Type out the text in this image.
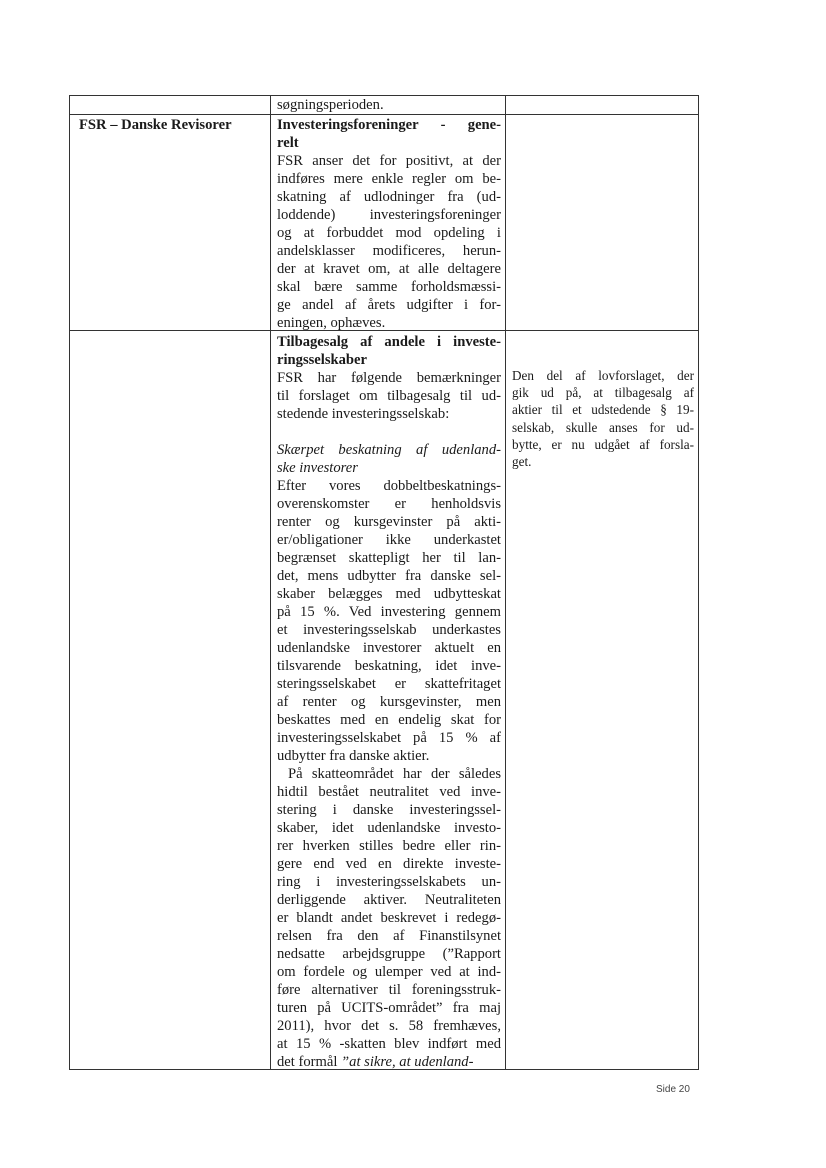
søgningsperioden.
FSR – Danske Revisorer	Investeringsforeninger - gene-
relt
FSR anser det for positivt, at der
indføres mere enkle regler om be-
skatning af udlodninger fra (ud-
loddende) investeringsforeninger
og at forbuddet mod opdeling i
andelsklasser modificeres, herun-
der at kravet om, at alle deltagere
skal bære samme forholdsmæssi-
ge andel af årets udgifter i for-
eningen, ophæves.
Tilbagesalg af andele i investe-
ringsselskaber
FSR har følgende bemærkninger
til forslaget om tilbagesalg til ud-
stedende investeringsselskab:

Skærpet beskatning af udenland-
ske investorer
Efter vores dobbeltbeskatnings-
overenskomster er henholdsvis
renter og kursgevinster på akti-
er/obligationer ikke underkastet
begrænset skattepligt her til lan-
det, mens udbytter fra danske sel-
skaber belægges med udbytteskat
på 15 %. Ved investering gennem
et investeringsselskab underkastes
udenlandske investorer aktuelt en
tilsvarende beskatning, idet inve-
steringsselskabet er skattefritaget
af renter og kursgevinster, men
beskattes med en endelig skat for
investeringsselskabet på 15 % af
udbytter fra danske aktier.
På skatteområdet har der således
hidtil bestået neutralitet ved inve-
stering i danske investeringssel-
skaber, idet udenlandske investo-
rer hverken stilles bedre eller rin-
gere end ved en direkte investe-
ring i investeringsselskabets un-
derliggende aktiver. Neutraliteten
er blandt andet beskrevet i redegø-
relsen fra den af Finanstilsynet
nedsatte arbejdsgruppe (”Rapport
om fordele og ulemper ved at ind-
føre alternativer til foreningsstruk-
turen på UCITS-området” fra maj
2011), hvor det s. 58 fremhæves,
at 15 % -skatten blev indført med
det formål ”at sikre, at udenland-
Den del af lovforslaget, der
gik ud på, at tilbagesalg af
aktier til et udstedende § 19-
selskab, skulle anses for ud-
bytte, er nu udgået af forsla-
get.
Side 20
